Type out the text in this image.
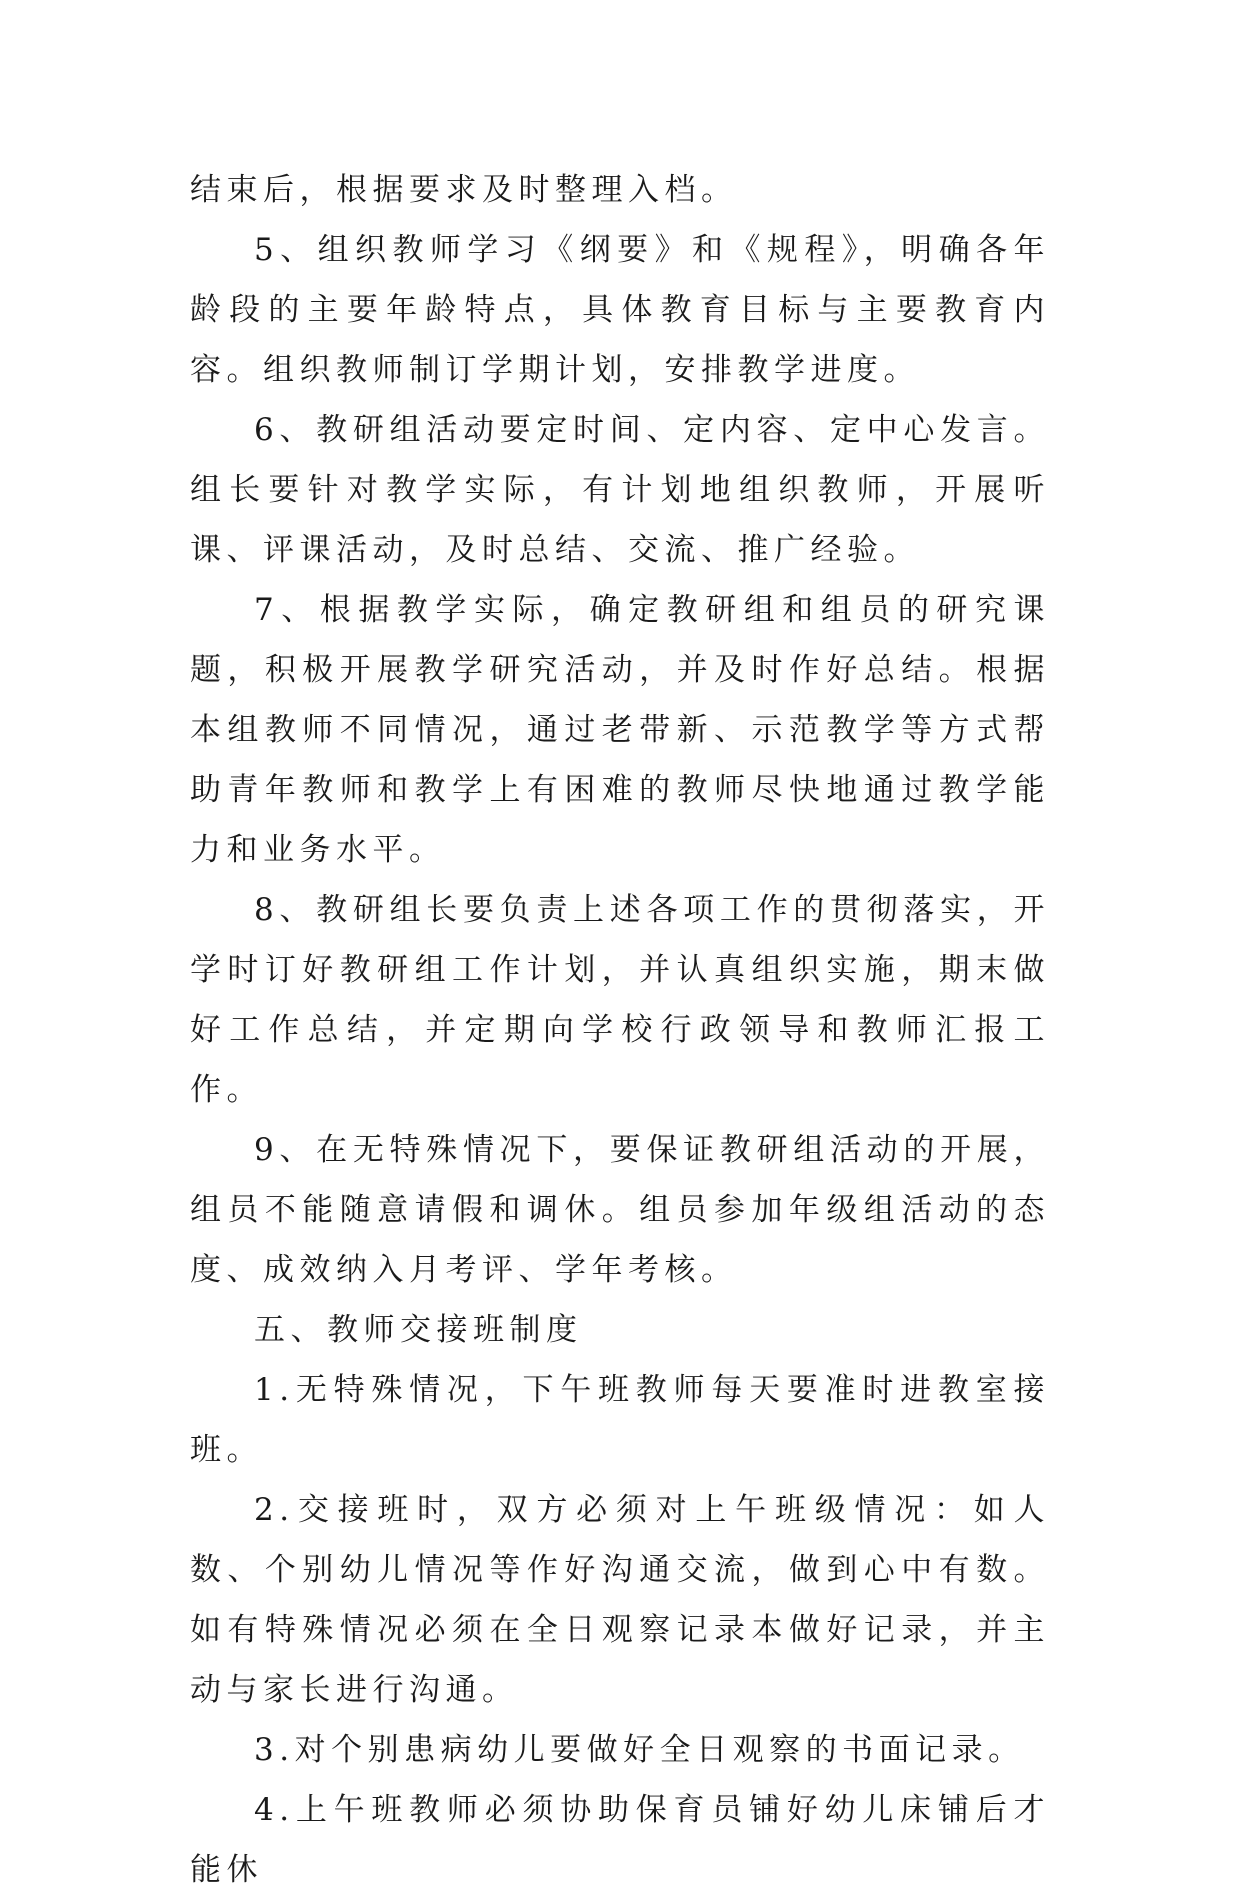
结束后，根据要求及时整理入档。

5、组织教师学习《纲要》和《规程》，明确各年龄段的主要年龄特点，具体教育目标与主要教育内容。组织教师制订学期计划，安排教学进度。

6、教研组活动要定时间、定内容、定中心发言。组长要针对教学实际，有计划地组织教师，开展听课、评课活动，及时总结、交流、推广经验。

7、根据教学实际，确定教研组和组员的研究课题，积极开展教学研究活动，并及时作好总结。根据本组教师不同情况，通过老带新、示范教学等方式帮助青年教师和教学上有困难的教师尽快地通过教学能力和业务水平。

8、教研组长要负责上述各项工作的贯彻落实，开学时订好教研组工作计划，并认真组织实施，期末做好工作总结，并定期向学校行政领导和教师汇报工作。

9、在无特殊情况下，要保证教研组活动的开展，组员不能随意请假和调休。组员参加年级组活动的态度、成效纳入月考评、学年考核。

五、教师交接班制度

1.无特殊情况，下午班教师每天要准时进教室接班。

2.交接班时，双方必须对上午班级情况：如人数、个别幼儿情况等作好沟通交流，做到心中有数。如有特殊情况必须在全日观察记录本做好记录，并主动与家长进行沟通。

3.对个别患病幼儿要做好全日观察的书面记录。

4.上午班教师必须协助保育员铺好幼儿床铺后才能休
